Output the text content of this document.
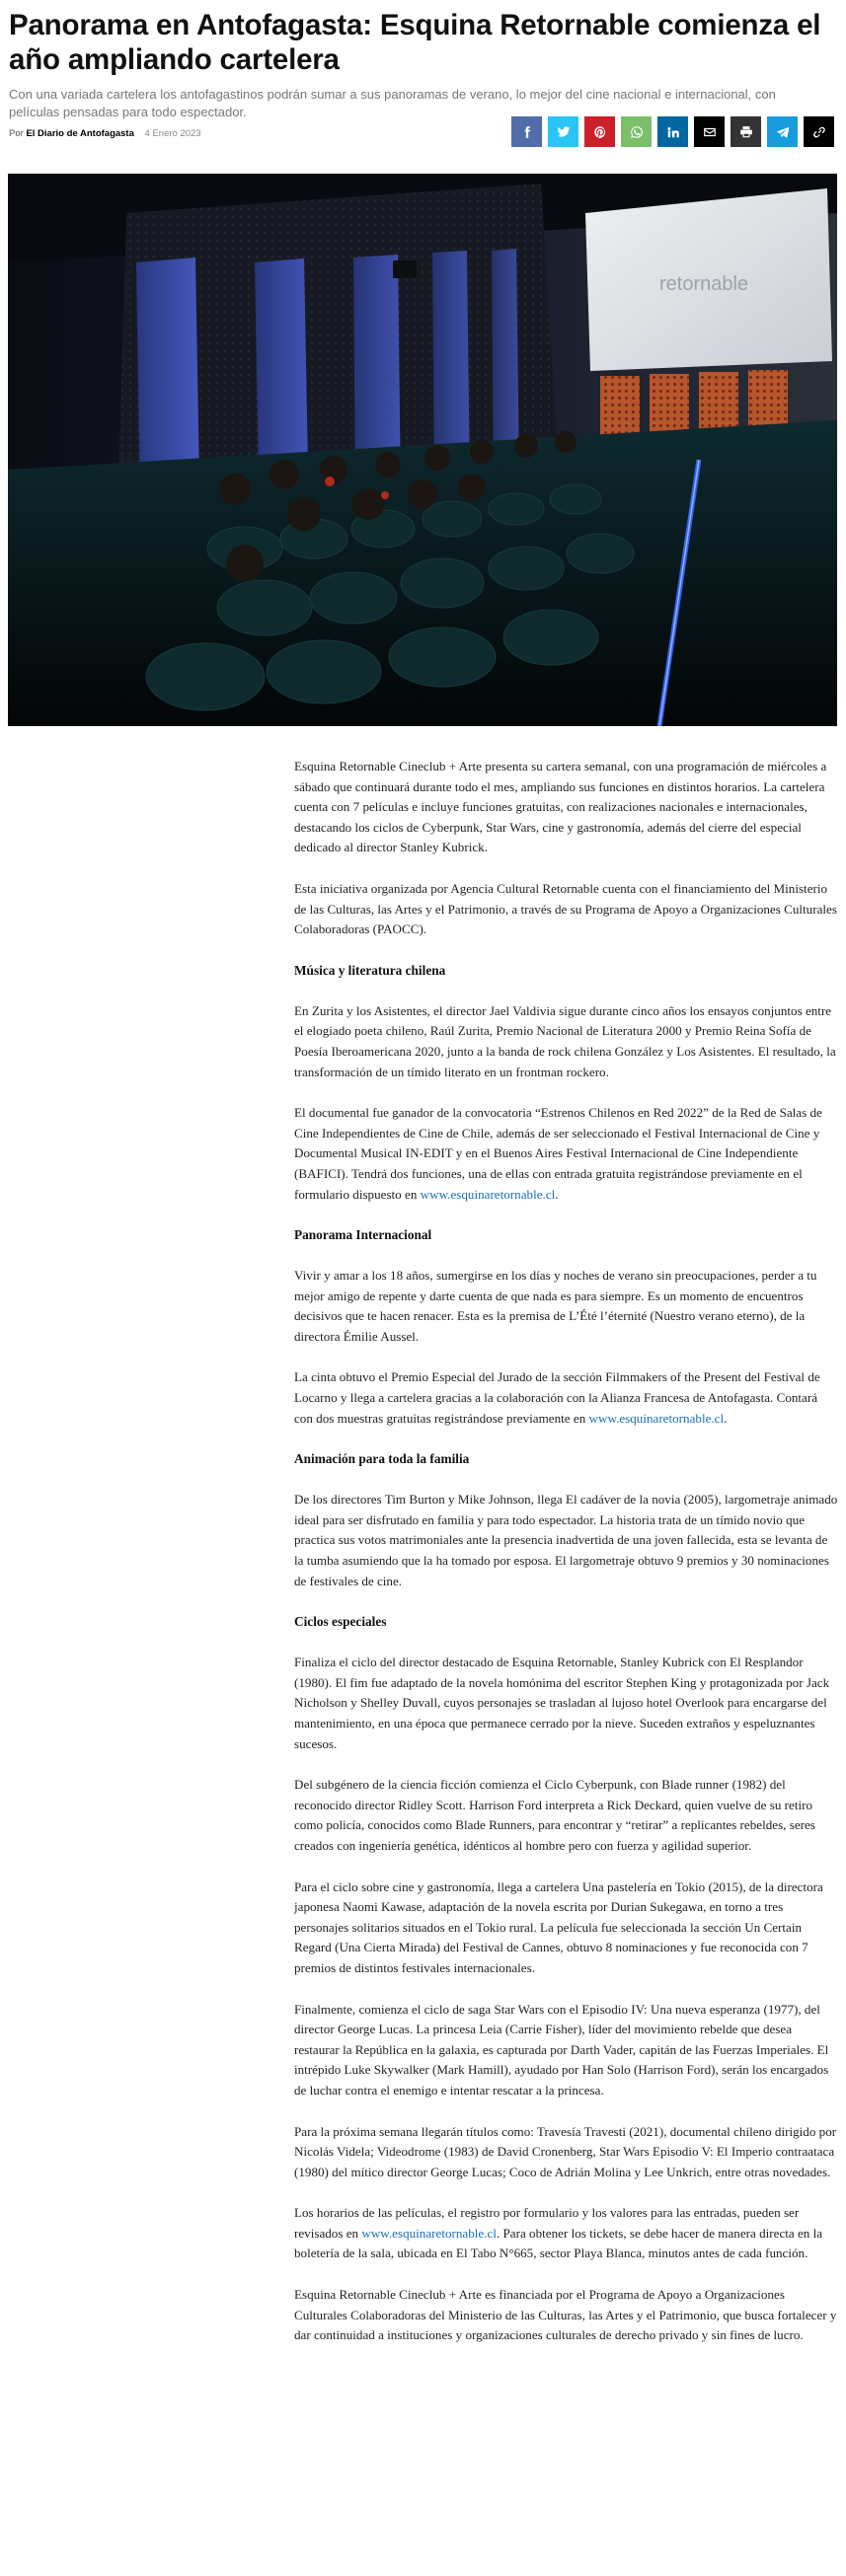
Panorama en Antofagasta: Esquina Retornable comienza el año ampliando cartelera

Con una variada cartelera los antofagastinos podrán sumar a sus panoramas de verano, lo mejor del cine nacional e internacional, con películas pensadas para todo espectador.

Por El Diario de Antofagasta 4 Enero 2023
retornable

Esquina Retornable Cineclub + Arte presenta su cartera semanal, con una programación de miércoles a sábado que continuará durante todo el mes, ampliando sus funciones en distintos horarios. La cartelera cuenta con 7 películas e incluye funciones gratuitas, con realizaciones nacionales e internacionales, destacando los ciclos de Cyberpunk, Star Wars, cine y gastronomía, además del cierre del especial dedicado al director Stanley Kubrick.

Esta iniciativa organizada por Agencia Cultural Retornable cuenta con el financiamiento del Ministerio de las Culturas, las Artes y el Patrimonio, a través de su Programa de Apoyo a Organizaciones Culturales Colaboradoras (PAOCC).

Música y literatura chilena

En Zurita y los Asistentes, el director Jael Valdivia sigue durante cinco años los ensayos conjuntos entre el elogiado poeta chileno, Raúl Zurita, Premio Nacional de Literatura 2000 y Premio Reina Sofía de Poesía Iberoamericana 2020, junto a la banda de rock chilena González y Los Asistentes. El resultado, la transformación de un tímido literato en un frontman rockero.

El documental fue ganador de la convocatoria “Estrenos Chilenos en Red 2022” de la Red de Salas de Cine Independientes de Cine de Chile, además de ser seleccionado el Festival Internacional de Cine y Documental Musical IN-EDIT y en el Buenos Aires Festival Internacional de Cine Independiente (BAFICI). Tendrá dos funciones, una de ellas con entrada gratuita registrándose previamente en el formulario dispuesto en www.esquinaretornable.cl.

Panorama Internacional

Vivir y amar a los 18 años, sumergirse en los días y noches de verano sin preocupaciones, perder a tu mejor amigo de repente y darte cuenta de que nada es para siempre. Es un momento de encuentros decisivos que te hacen renacer. Esta es la premisa de L’Été l’éternité (Nuestro verano eterno), de la directora Émilie Aussel.

La cinta obtuvo el Premio Especial del Jurado de la sección Filmmakers of the Present del Festival de Locarno y llega a cartelera gracias a la colaboración con la Alianza Francesa de Antofagasta. Contará con dos muestras gratuitas registrándose previamente en www.esquinaretornable.cl.

Animación para toda la familia

De los directores Tim Burton y Mike Johnson, llega El cadáver de la novia (2005), largometraje animado ideal para ser disfrutado en familia y para todo espectador. La historia trata de un tímido novio que practica sus votos matrimoniales ante la presencia inadvertida de una joven fallecida, esta se levanta de la tumba asumiendo que la ha tomado por esposa. El largometraje obtuvo 9 premios y 30 nominaciones de festivales de cine.

Ciclos especiales

Finaliza el ciclo del director destacado de Esquina Retornable, Stanley Kubrick con El Resplandor (1980). El fim fue adaptado de la novela homónima del escritor Stephen King y protagonizada por Jack Nicholson y Shelley Duvall, cuyos personajes se trasladan al lujoso hotel Overlook para encargarse del mantenimiento, en una época que permanece cerrado por la nieve. Suceden extraños y espeluznantes sucesos.

Del subgénero de la ciencia ficción comienza el Ciclo Cyberpunk, con Blade runner (1982) del reconocido director Ridley Scott. Harrison Ford interpreta a Rick Deckard, quien vuelve de su retiro como policía, conocidos como Blade Runners, para encontrar y “retirar” a replicantes rebeldes, seres creados con ingeniería genética, idénticos al hombre pero con fuerza y agilidad superior.

Para el ciclo sobre cine y gastronomía, llega a cartelera Una pastelería en Tokio (2015), de la directora japonesa Naomi Kawase, adaptación de la novela escrita por Durian Sukegawa, en torno a tres personajes solitarios situados en el Tokio rural. La película fue seleccionada la sección Un Certain Regard (Una Cierta Mirada) del Festival de Cannes, obtuvo 8 nominaciones y fue reconocida con 7 premios de distintos festivales internacionales.

Finalmente, comienza el ciclo de saga Star Wars con el Episodio IV: Una nueva esperanza (1977), del director George Lucas. La princesa Leia (Carrie Fisher), líder del movimiento rebelde que desea restaurar la República en la galaxia, es capturada por Darth Vader, capitán de las Fuerzas Imperiales. El intrépido Luke Skywalker (Mark Hamill), ayudado por Han Solo (Harrison Ford), serán los encargados de luchar contra el enemigo e intentar rescatar a la princesa.

Para la próxima semana llegarán títulos como: Travesía Travesti (2021), documental chileno dirigido por Nicolás Videla; Videodrome (1983) de David Cronenberg, Star Wars Episodio V: El Imperio contraataca (1980) del mítico director George Lucas; Coco de Adrián Molina y Lee Unkrich, entre otras novedades.

Los horarios de las películas, el registro por formulario y los valores para las entradas, pueden ser revisados en www.esquinaretornable.cl. Para obtener los tickets, se debe hacer de manera directa en la boletería de la sala, ubicada en El Tabo N°665, sector Playa Blanca, minutos antes de cada función.

Esquina Retornable Cineclub + Arte es financiada por el Programa de Apoyo a Organizaciones Culturales Colaboradoras del Ministerio de las Culturas, las Artes y el Patrimonio, que busca fortalecer y dar continuidad a instituciones y organizaciones culturales de derecho privado y sin fines de lucro.
